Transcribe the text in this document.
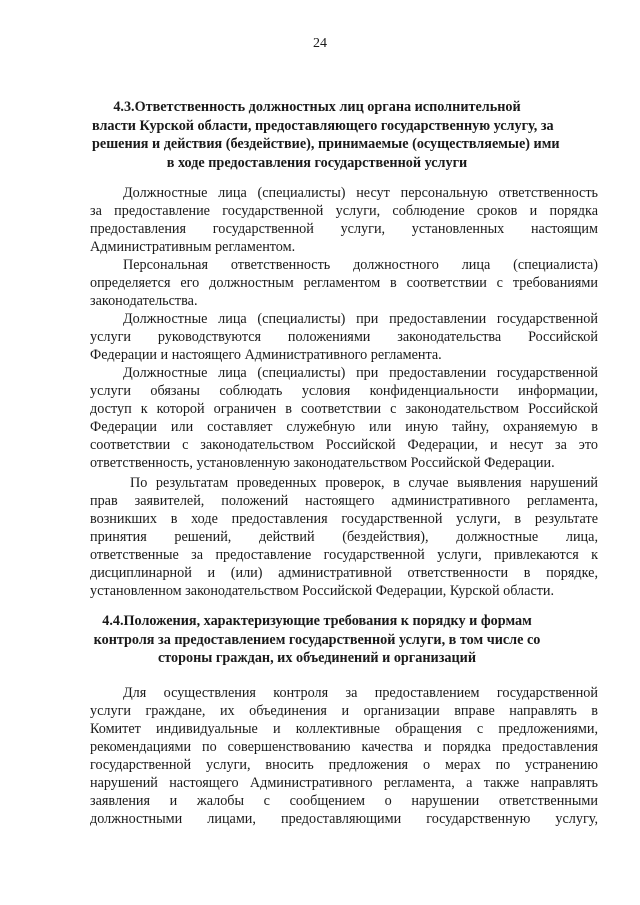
24
4.3.Ответственность должностных лиц органа исполнительной
власти Курской области, предоставляющего государственную услугу, за
решения и действия (бездействие), принимаемые (осуществляемые) ими
в ходе предоставления государственной услуги
Должностные лица (специалисты) несут персональную ответственность
за предоставление государственной услуги, соблюдение сроков и порядка
предоставления государственной услуги, установленных настоящим
Административным регламентом.
Персональная ответственность должностного лица (специалиста)
определяется его должностным регламентом в соответствии с требованиями
законодательства.
Должностные лица (специалисты) при предоставлении государственной
услуги руководствуются положениями законодательства Российской
Федерации и настоящего Административного регламента.
Должностные лица (специалисты) при предоставлении государственной
услуги обязаны соблюдать условия конфиденциальности информации,
доступ к которой ограничен в соответствии с законодательством Российской
Федерации или составляет служебную или иную тайну, охраняемую в
соответствии с законодательством Российской Федерации, и несут за это
ответственность, установленную законодательством Российской Федерации.
По результатам проведенных проверок, в случае выявления нарушений
прав заявителей, положений настоящего административного регламента,
возникших в ходе предоставления государственной услуги, в результате
принятия решений, действий (бездействия), должностные лица,
ответственные за предоставление государственной услуги, привлекаются к
дисциплинарной и (или) административной ответственности в порядке,
установленном законодательством Российской Федерации, Курской области.
4.4.Положения, характеризующие требования к порядку и формам
контроля за предоставлением государственной услуги, в том числе со
стороны граждан, их объединений и организаций
Для осуществления контроля за предоставлением государственной
услуги гражданe, их объединения и организации вправе направлять в
Комитет индивидуальные и коллективные обращения с предложениями,
рекомендациями по совершенствованию качества и порядка предоставления
государственной услуги, вносить предложения о мерах по устранению
нарушений настоящего Административного регламента, а также направлять
заявления и жалобы с сообщением о нарушении ответственными
должностными лицами, предоставляющими государственную услугу,
